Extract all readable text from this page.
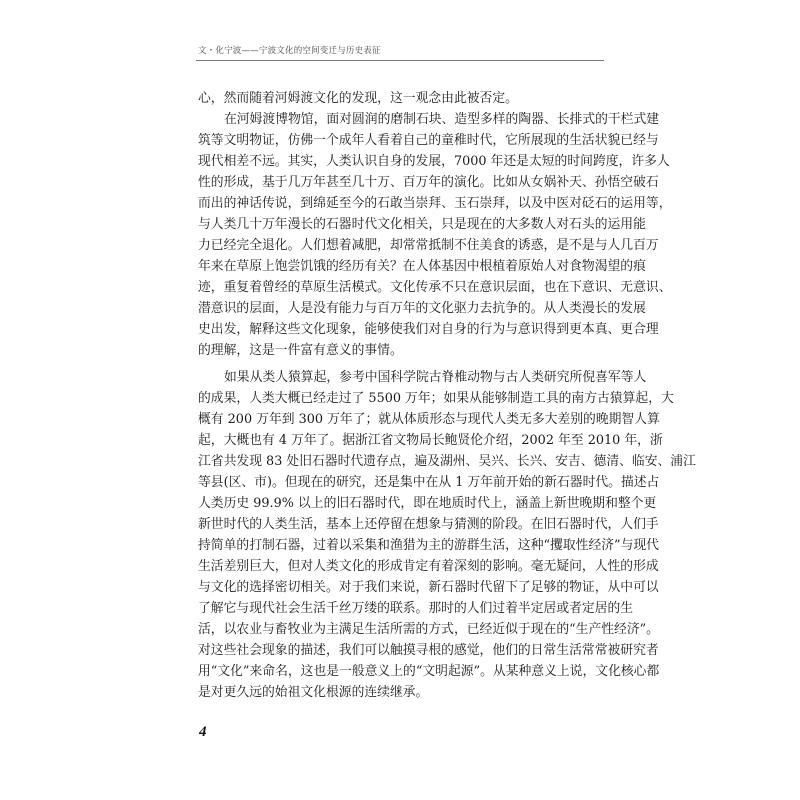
文・化宁波——宁波文化的空间变迁与历史表征
心，然而随着河姆渡文化的发现，这一观念由此被否定。
在河姆渡博物馆，面对圆润的磨制石块、造型多样的陶器、长排式的干栏式建
筑等文明物证，仿佛一个成年人看着自己的童稚时代，它所展现的生活状貌已经与
现代相差不远。其实，人类认识自身的发展，7000 年还是太短的时间跨度，许多人
性的形成，基于几万年甚至几十万、百万年的演化。比如从女娲补天、孙悟空破石
而出的神话传说，到绵延至今的石敢当崇拜、玉石崇拜，以及中医对砭石的运用等，
与人类几十万年漫长的石器时代文化相关，只是现在的大多数人对石头的运用能
力已经完全退化。人们想着减肥，却常常抵制不住美食的诱惑，是不是与人几百万
年来在草原上饱尝饥饿的经历有关？在人体基因中根植着原始人对食物渴望的痕
迹，重复着曾经的草原生活模式。文化传承不只在意识层面，也在下意识、无意识、
潜意识的层面，人是没有能力与百万年的文化驱力去抗争的。从人类漫长的发展
史出发，解释这些文化现象，能够使我们对自身的行为与意识得到更本真、更合理
的理解，这是一件富有意义的事情。
如果从类人猿算起，参考中国科学院古脊椎动物与古人类研究所倪喜军等人
的成果，人类大概已经走过了 5500 万年；如果从能够制造工具的南方古猿算起，大
概有 200 万年到 300 万年了；就从体质形态与现代人类无多大差别的晚期智人算
起，大概也有 4 万年了。据浙江省文物局长鲍贤伦介绍，2002 年至 2010 年，浙
江省共发现 83 处旧石器时代遗存点，遍及湖州、吴兴、长兴、安吉、德清、临安、浦江
等县(区、市)。但现在的研究，还是集中在从 1 万年前开始的新石器时代。描述占
人类历史 99.9% 以上的旧石器时代，即在地质时代上，涵盖上新世晚期和整个更
新世时代的人类生活，基本上还停留在想象与猜测的阶段。在旧石器时代，人们手
持简单的打制石器，过着以采集和渔猎为主的游群生活，这种“攫取性经济”与现代
生活差别巨大，但对人类文化的形成肯定有着深刻的影响。毫无疑问，人性的形成
与文化的选择密切相关。对于我们来说，新石器时代留下了足够的物证，从中可以
了解它与现代社会生活千丝万缕的联系。那时的人们过着半定居或者定居的生
活，以农业与畜牧业为主满足生活所需的方式，已经近似于现在的“生产性经济”。
对这些社会现象的描述，我们可以触摸寻根的感觉，他们的日常生活常常被研究者
用“文化”来命名，这也是一般意义上的“文明起源”。从某种意义上说，文化核心都
是对更久远的始祖文化根源的连续继承。
4
